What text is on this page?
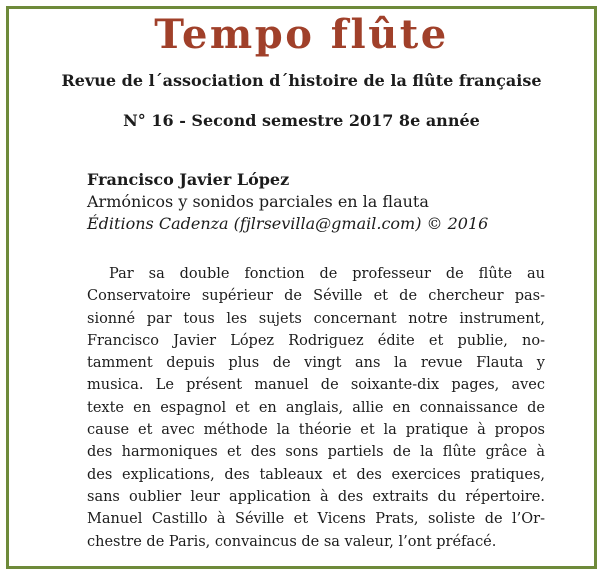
Tempo flûte
Revue de l´association d´histoire de la flûte française
N° 16 - Second semestre 2017 8e année
Francisco Javier López
Armónicos y sonidos parciales en la flauta
Éditions Cadenza (fjlrsevilla@gmail.com) © 2016
Par sa double fonction de professeur de flûte au
Conservatoire supérieur de Séville et de chercheur pas-
sionné par tous les sujets concernant notre instrument,
Francisco Javier López Rodriguez édite et publie, no-
tamment depuis plus de vingt ans la revue Flauta y
musica. Le présent manuel de soixante-dix pages, avec
texte en espagnol et en anglais, allie en connaissance de
cause et avec méthode la théorie et la pratique à propos
des harmoniques et des sons partiels de la flûte grâce à
des explications, des tableaux et des exercices pratiques,
sans oublier leur application à des extraits du répertoire.
Manuel Castillo à Séville et Vicens Prats, soliste de l’Or-
chestre de Paris, convaincus de sa valeur, l’ont préfacé.
